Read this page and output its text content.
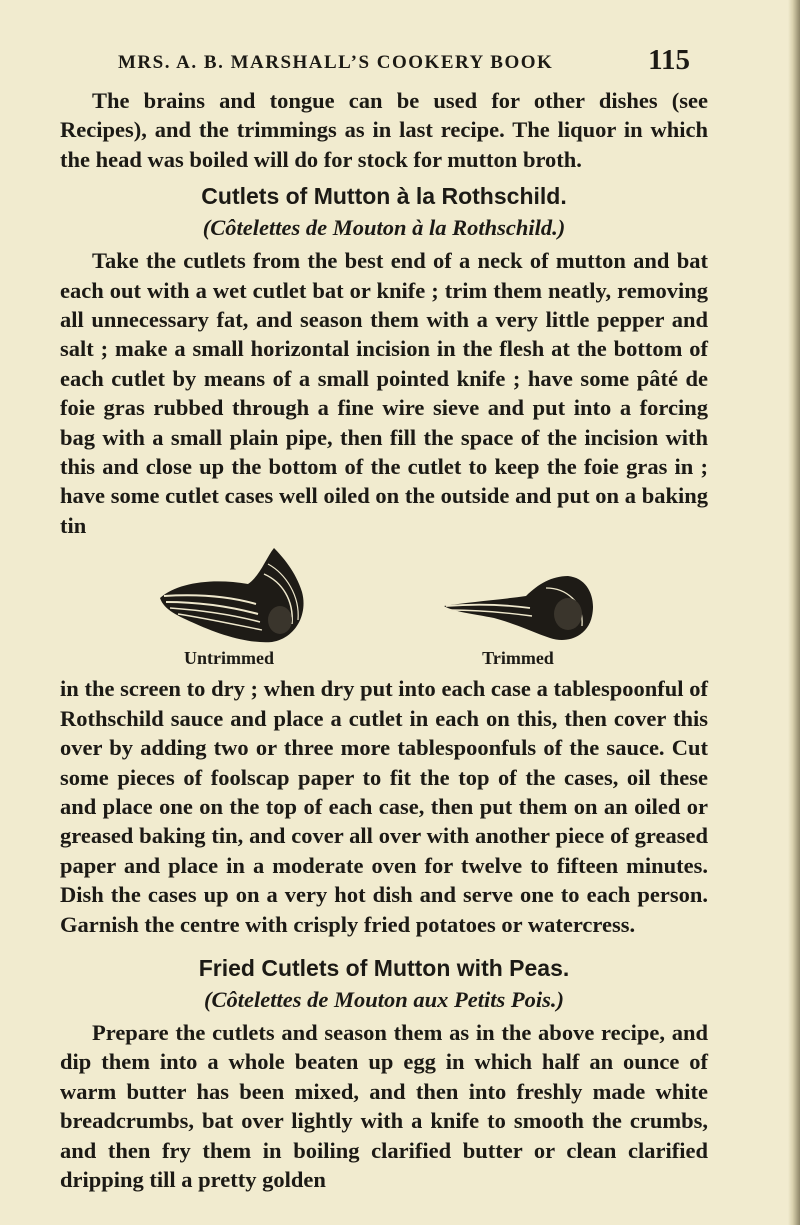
MRS. A. B. MARSHALL’S COOKERY BOOK	115

The brains and tongue can be used for other dishes (see Recipes), and the trimmings as in last recipe. The liquor in which the head was boiled will do for stock for mutton broth.

Cutlets of Mutton à la Rothschild.
(Côtelettes de Mouton à la Rothschild.)

Take the cutlets from the best end of a neck of mutton and bat each out with a wet cutlet bat or knife ; trim them neatly, removing all unnecessary fat, and season them with a very little pepper and salt ; make a small horizontal incision in the flesh at the bottom of each cutlet by means of a small pointed knife ; have some pâté de foie gras rubbed through a fine wire sieve and put into a forcing bag with a small plain pipe, then fill the space of the incision with this and close up the bottom of the cutlet to keep the foie gras in ; have some cutlet cases well oiled on the outside and put on a baking tin

Untrimmed	Trimmed

in the screen to dry ; when dry put into each case a tablespoonful of Rothschild sauce and place a cutlet in each on this, then cover this over by adding two or three more tablespoonfuls of the sauce. Cut some pieces of foolscap paper to fit the top of the cases, oil these and place one on the top of each case, then put them on an oiled or greased baking tin, and cover all over with another piece of greased paper and place in a moderate oven for twelve to fifteen minutes. Dish the cases up on a very hot dish and serve one to each person. Garnish the centre with crisply fried potatoes or watercress.

Fried Cutlets of Mutton with Peas.
(Côtelettes de Mouton aux Petits Pois.)

Prepare the cutlets and season them as in the above recipe, and dip them into a whole beaten up egg in which half an ounce of warm butter has been mixed, and then into freshly made white breadcrumbs, bat over lightly with a knife to smooth the crumbs, and then fry them in boiling clarified butter or clean clarified dripping till a pretty golden
